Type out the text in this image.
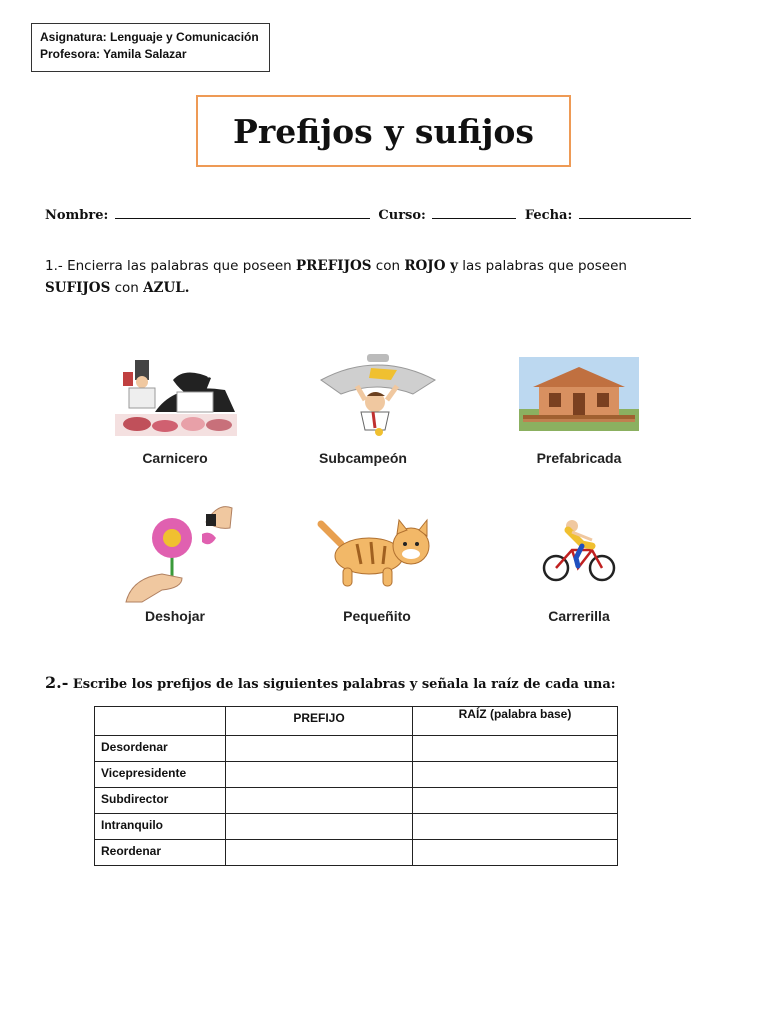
Asignatura: Lenguaje y Comunicación
Profesora: Yamila Salazar
Prefijos y sufijos
Nombre:	Curso:	Fecha:
1.- Encierra las palabras que poseen PREFIJOS con ROJO y las palabras que poseen
SUFIJOS con AZUL.
Carnicero	Subcampeón	Prefabricada
Deshojar	Pequeñito	Carrerilla
2.- Escribe los prefijos de las siguientes palabras y señala la raíz de cada una:
	PREFIJO	RAÍZ (palabra base)
Desordenar		
Vicepresidente		
Subdirector		
Intranquilo		
Reordenar		
